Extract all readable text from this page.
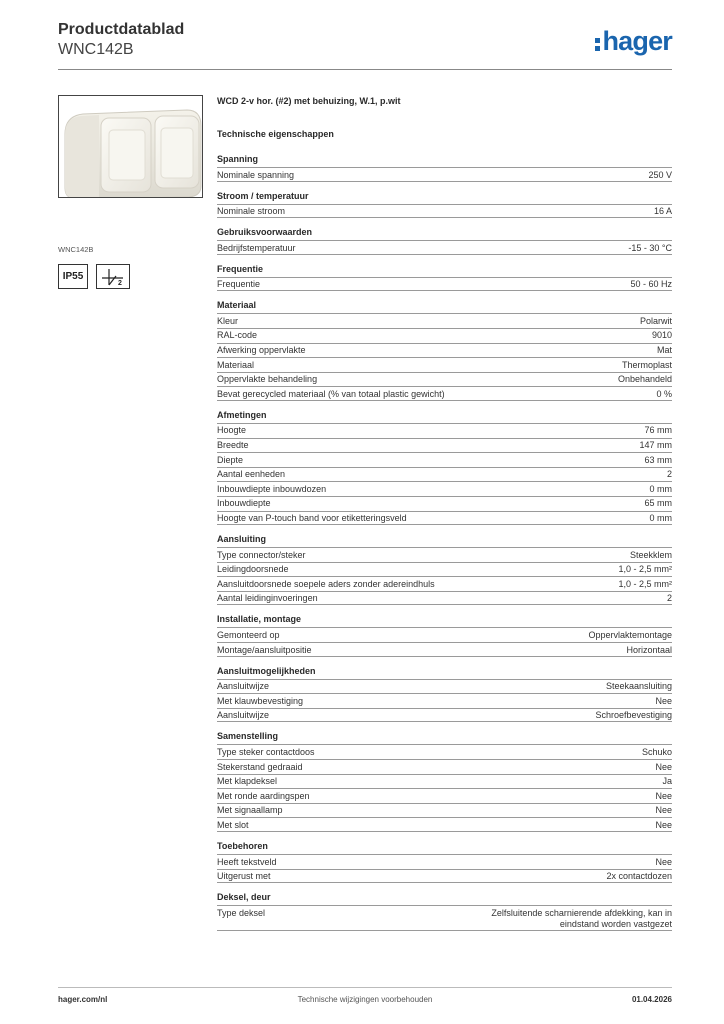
Productdatablad
WNC142B	hager
WNC142B
IP55
2
WCD 2-v hor. (#2) met behuizing, W.1, p.wit
Technische eigenschappen
Spanning
Nominale spanning	250 V
Stroom / temperatuur
Nominale stroom	16 A
Gebruiksvoorwaarden
Bedrijfstemperatuur	-15 - 30 °C
Frequentie
Frequentie	50 - 60 Hz
Materiaal
Kleur	Polarwit
RAL-code	9010
Afwerking oppervlakte	Mat
Materiaal	Thermoplast
Oppervlakte behandeling	Onbehandeld
Bevat gerecycled materiaal (% van totaal plastic gewicht)	0 %
Afmetingen
Hoogte	76 mm
Breedte	147 mm
Diepte	63 mm
Aantal eenheden	2
Inbouwdiepte inbouwdozen	0 mm
Inbouwdiepte	65 mm
Hoogte van P-touch band voor etiketteringsveld	0 mm
Aansluiting
Type connector/steker	Steekklem
Leidingdoorsnede	1,0 - 2,5 mm²
Aansluitdoorsnede soepele aders zonder adereindhuls	1,0 - 2,5 mm²
Aantal leidinginvoeringen	2
Installatie, montage
Gemonteerd op	Oppervlaktemontage
Montage/aansluitpositie	Horizontaal
Aansluitmogelijkheden
Aansluitwijze	Steekaansluiting
Met klauwbevestiging	Nee
Aansluitwijze	Schroefbevestiging
Samenstelling
Type steker contactdoos	Schuko
Stekerstand gedraaid	Nee
Met klapdeksel	Ja
Met ronde aardingspen	Nee
Met signaallamp	Nee
Met slot	Nee
Toebehoren
Heeft tekstveld	Nee
Uitgerust met	2x contactdozen
Deksel, deur
Type deksel	Zelfsluitende scharnierende afdekking, kan in
eindstand worden vastgezet
hager.com/nl	Technische wijzigingen voorbehouden	01.04.2026
